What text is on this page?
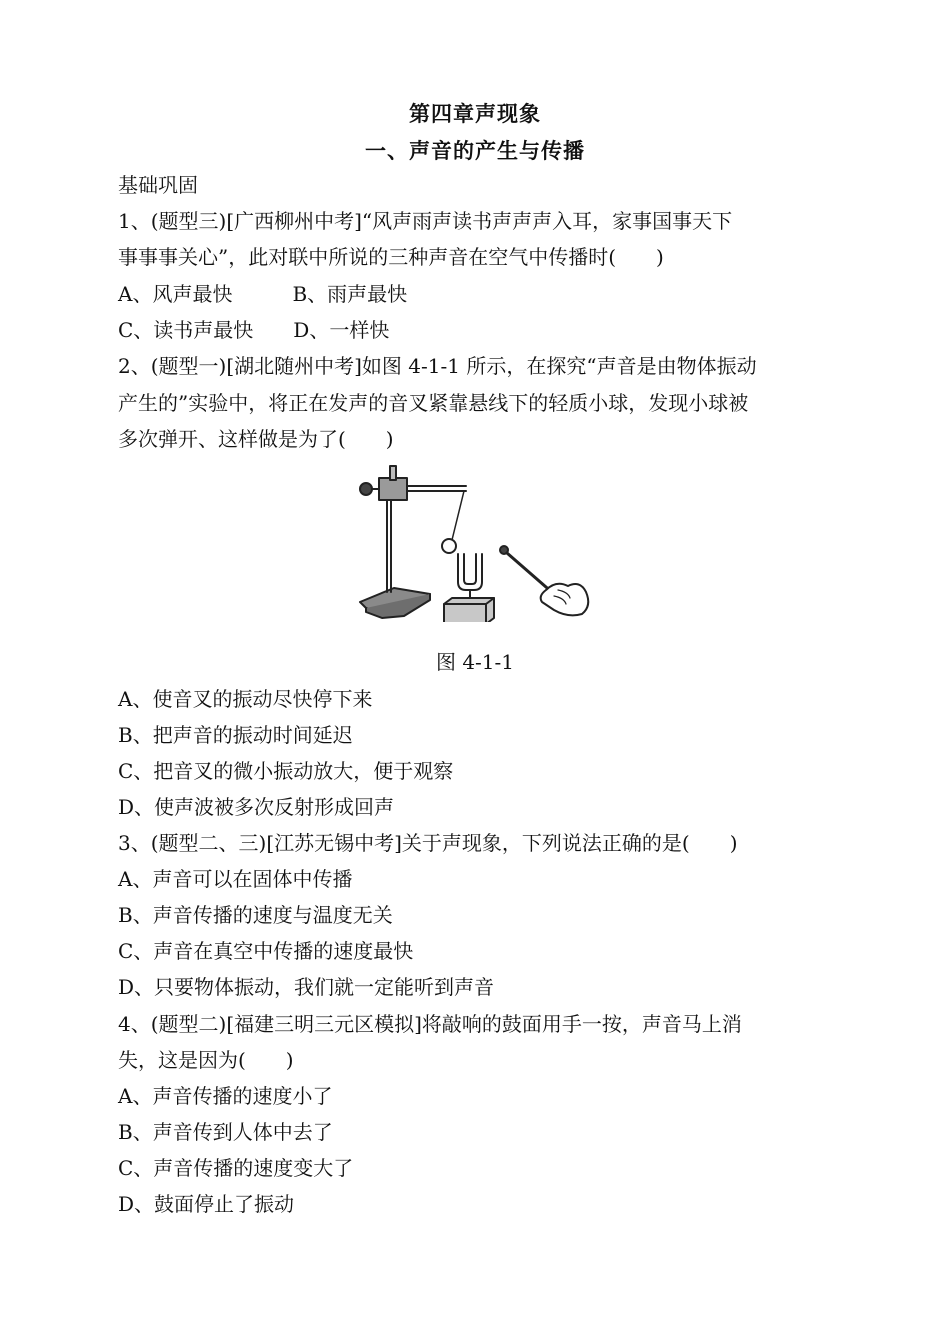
第四章声现象
一、声音的产生与传播
基础巩固
1、(题型三)[广西柳州中考]“风声雨声读书声声声入耳，家事国事天下
事事事关心”，此对联中所说的三种声音在空气中传播时(　　)
A、风声最快　　　B、雨声最快
C、读书声最快　　D、一样快
2、(题型一)[湖北随州中考]如图 4-1-1 所示，在探究“声音是由物体振动
产生的”实验中，将正在发声的音叉紧靠悬线下的轻质小球，发现小球被
多次弹开、这样做是为了(　　)
图 4-1-1
A、使音叉的振动尽快停下来
B、把声音的振动时间延迟
C、把音叉的微小振动放大，便于观察
D、使声波被多次反射形成回声
3、(题型二、三)[江苏无锡中考]关于声现象，下列说法正确的是(　　)
A、声音可以在固体中传播
B、声音传播的速度与温度无关
C、声音在真空中传播的速度最快
D、只要物体振动，我们就一定能听到声音
4、(题型二)[福建三明三元区模拟]将敲响的鼓面用手一按，声音马上消
失，这是因为(　　)
A、声音传播的速度小了
B、声音传到人体中去了
C、声音传播的速度变大了
D、鼓面停止了振动
